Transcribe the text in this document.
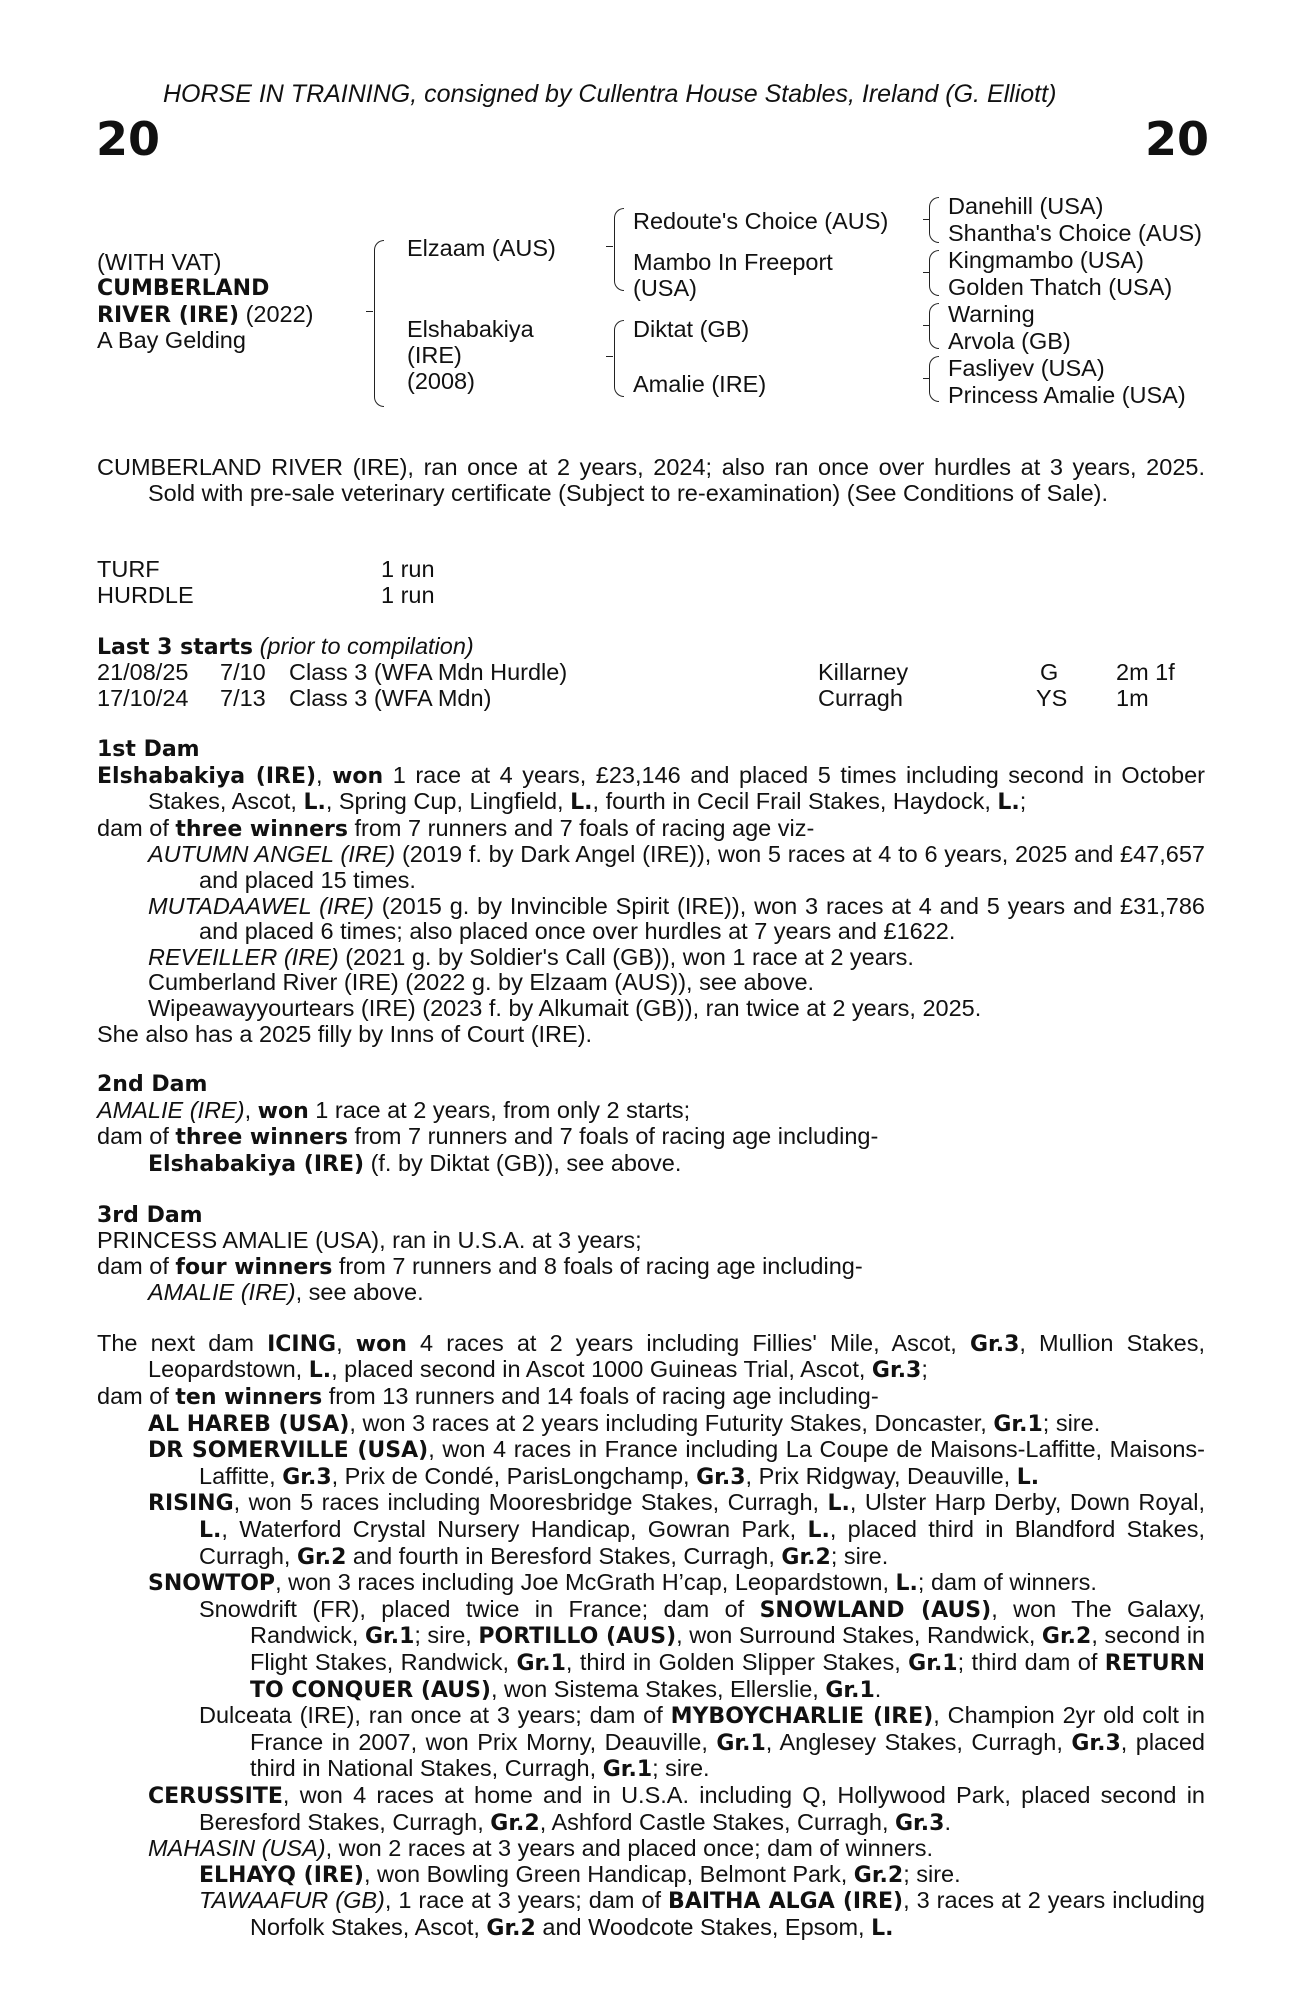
HORSE IN TRAINING, consigned by Cullentra House Stables, Ireland (G. Elliott)
20	20
(WITH VAT)
CUMBERLAND
RIVER (IRE) (2022)
A Bay Gelding
Elzaam (AUS)
Elshabakiya
(IRE)
(2008)
Redoute's Choice (AUS)
Mambo In Freeport
(USA)
Diktat (GB)
Amalie (IRE)
Danehill (USA)
Shantha's Choice (AUS)
Kingmambo (USA)
Golden Thatch (USA)
Warning
Arvola (GB)
Fasliyev (USA)
Princess Amalie (USA)

CUMBERLAND RIVER (IRE), ran once at 2 years, 2024; also ran once over hurdles at 3 years, 2025. Sold with pre-sale veterinary certificate (Subject to re-examination) (See Conditions of Sale).

TURF	1 run
HURDLE	1 run
Last 3 starts (prior to compilation)
21/08/25 7/10 Class 3 (WFA Mdn Hurdle)	Killarney	G 2m 1f
17/10/24 7/13 Class 3 (WFA Mdn)	Curragh	YS 1m
1st Dam

Elshabakiya (IRE), won 1 race at 4 years, £23,146 and placed 5 times including second in October Stakes, Ascot, L., Spring Cup, Lingfield, L., fourth in Cecil Frail Stakes, Haydock, L.;

dam of three winners from 7 runners and 7 foals of racing age viz-

AUTUMN ANGEL (IRE) (2019 f. by Dark Angel (IRE)), won 5 races at 4 to 6 years, 2025 and £47,657 and placed 15 times.

MUTADAAWEL (IRE) (2015 g. by Invincible Spirit (IRE)), won 3 races at 4 and 5 years and £31,786 and placed 6 times; also placed once over hurdles at 7 years and £1622.

REVEILLER (IRE) (2021 g. by Soldier's Call (GB)), won 1 race at 2 years.

Cumberland River (IRE) (2022 g. by Elzaam (AUS)), see above.

Wipeawayyourtears (IRE) (2023 f. by Alkumait (GB)), ran twice at 2 years, 2025.

She also has a 2025 filly by Inns of Court (IRE).

2nd Dam

AMALIE (IRE), won 1 race at 2 years, from only 2 starts;

dam of three winners from 7 runners and 7 foals of racing age including-

Elshabakiya (IRE) (f. by Diktat (GB)), see above.

3rd Dam

PRINCESS AMALIE (USA), ran in U.S.A. at 3 years;

dam of four winners from 7 runners and 8 foals of racing age including-

AMALIE (IRE), see above.

The next dam ICING, won 4 races at 2 years including Fillies' Mile, Ascot, Gr.3, Mullion Stakes, Leopardstown, L., placed second in Ascot 1000 Guineas Trial, Ascot, Gr.3;

dam of ten winners from 13 runners and 14 foals of racing age including-

AL HAREB (USA), won 3 races at 2 years including Futurity Stakes, Doncaster, Gr.1; sire.

DR SOMERVILLE (USA), won 4 races in France including La Coupe de Maisons-Laffitte, Maisons-Laffitte, Gr.3, Prix de Condé, ParisLongchamp, Gr.3, Prix Ridgway, Deauville, L.

RISING, won 5 races including Mooresbridge Stakes, Curragh, L., Ulster Harp Derby, Down Royal, L., Waterford Crystal Nursery Handicap, Gowran Park, L., placed third in Blandford Stakes, Curragh, Gr.2 and fourth in Beresford Stakes, Curragh, Gr.2; sire.

SNOWTOP, won 3 races including Joe McGrath H’cap, Leopardstown, L.; dam of winners.

Snowdrift (FR), placed twice in France; dam of SNOWLAND (AUS), won The Galaxy, Randwick, Gr.1; sire, PORTILLO (AUS), won Surround Stakes, Randwick, Gr.2, second in Flight Stakes, Randwick, Gr.1, third in Golden Slipper Stakes, Gr.1; third dam of RETURN TO CONQUER (AUS), won Sistema Stakes, Ellerslie, Gr.1.

Dulceata (IRE), ran once at 3 years; dam of MYBOYCHARLIE (IRE), Champion 2yr old colt in France in 2007, won Prix Morny, Deauville, Gr.1, Anglesey Stakes, Curragh, Gr.3, placed third in National Stakes, Curragh, Gr.1; sire.

CERUSSITE, won 4 races at home and in U.S.A. including Q, Hollywood Park, placed second in Beresford Stakes, Curragh, Gr.2, Ashford Castle Stakes, Curragh, Gr.3.

MAHASIN (USA), won 2 races at 3 years and placed once; dam of winners.

ELHAYQ (IRE), won Bowling Green Handicap, Belmont Park, Gr.2; sire.

TAWAAFUR (GB), 1 race at 3 years; dam of BAITHA ALGA (IRE), 3 races at 2 years including Norfolk Stakes, Ascot, Gr.2 and Woodcote Stakes, Epsom, L.
